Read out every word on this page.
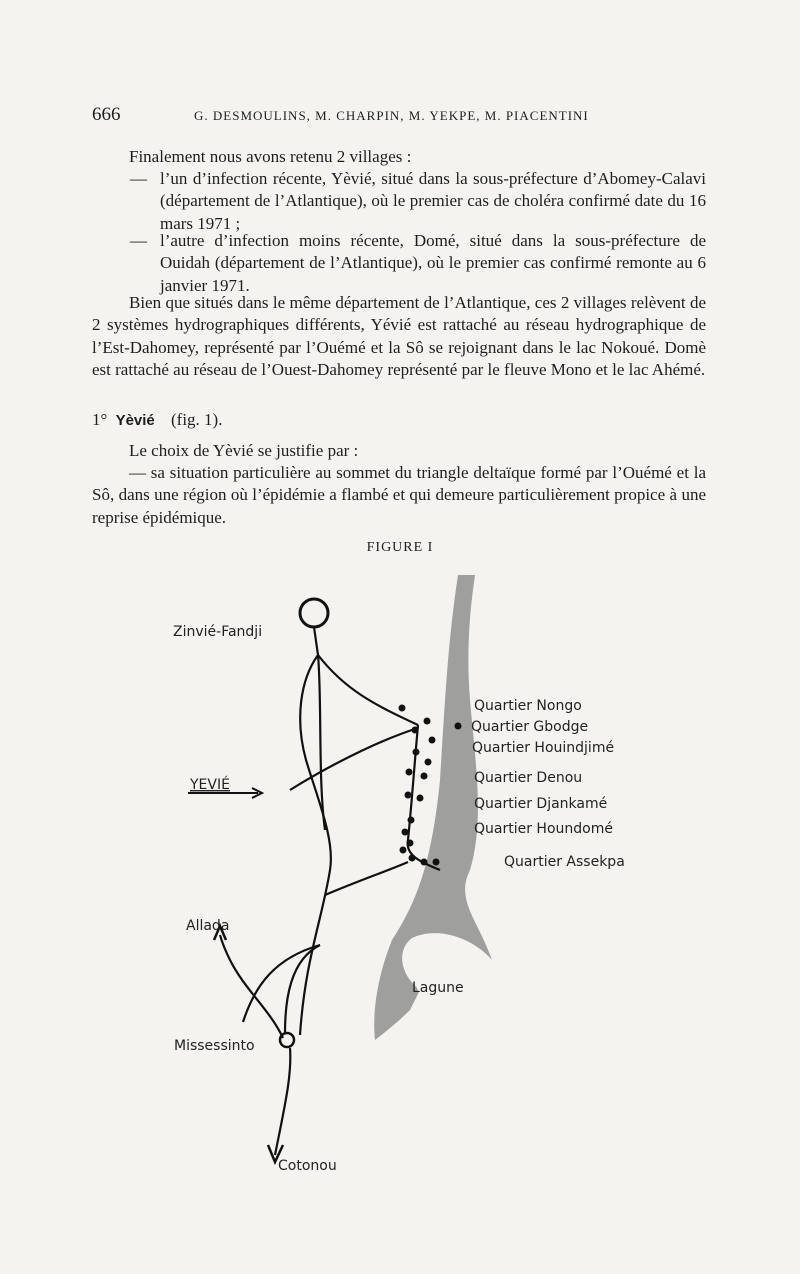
666	G. DESMOULINS, M. CHARPIN, M. YEKPE, M. PIACENTINI
Finalement nous avons retenu 2 villages :
— l’un d’infection récente, Yèvié, situé dans la sous-préfecture d’Abomey-Calavi (département de l’Atlantique), où le premier cas de choléra confirmé date du 16 mars 1971 ;
— l’autre d’infection moins récente, Domé, situé dans la sous-préfecture de Ouidah (département de l’Atlantique), où le premier cas confirmé remonte au 6 janvier 1971.
Bien que situés dans le même département de l’Atlantique, ces 2 villages relèvent de 2 systèmes hydrographiques différents, Yévié est rattaché au réseau hydrographique de l’Est-Dahomey, représenté par l’Ouémé et la Sô se rejoignant dans le lac Nokoué. Domè est rattaché au réseau de l’Ouest-Dahomey représenté par le fleuve Mono et le lac Ahémé.
1° Yèvié (fig. 1).
Le choix de Yèvié se justifie par :
— sa situation particulière au sommet du triangle deltaïque formé par l’Ouémé et la Sô, dans une région où l’épidémie a flambé et qui demeure particulièrement propice à une reprise épidémique.
FIGURE I
Zinvié-Fandji
YEVIÉ
Allada
Missessinto
Cotonou
Lagune
Quartier Nongo
Quartier Gbodge
Quartier Houindjimé
Quartier Denou
Quartier Djankamé
Quartier Houndomé
Quartier Assekpa
